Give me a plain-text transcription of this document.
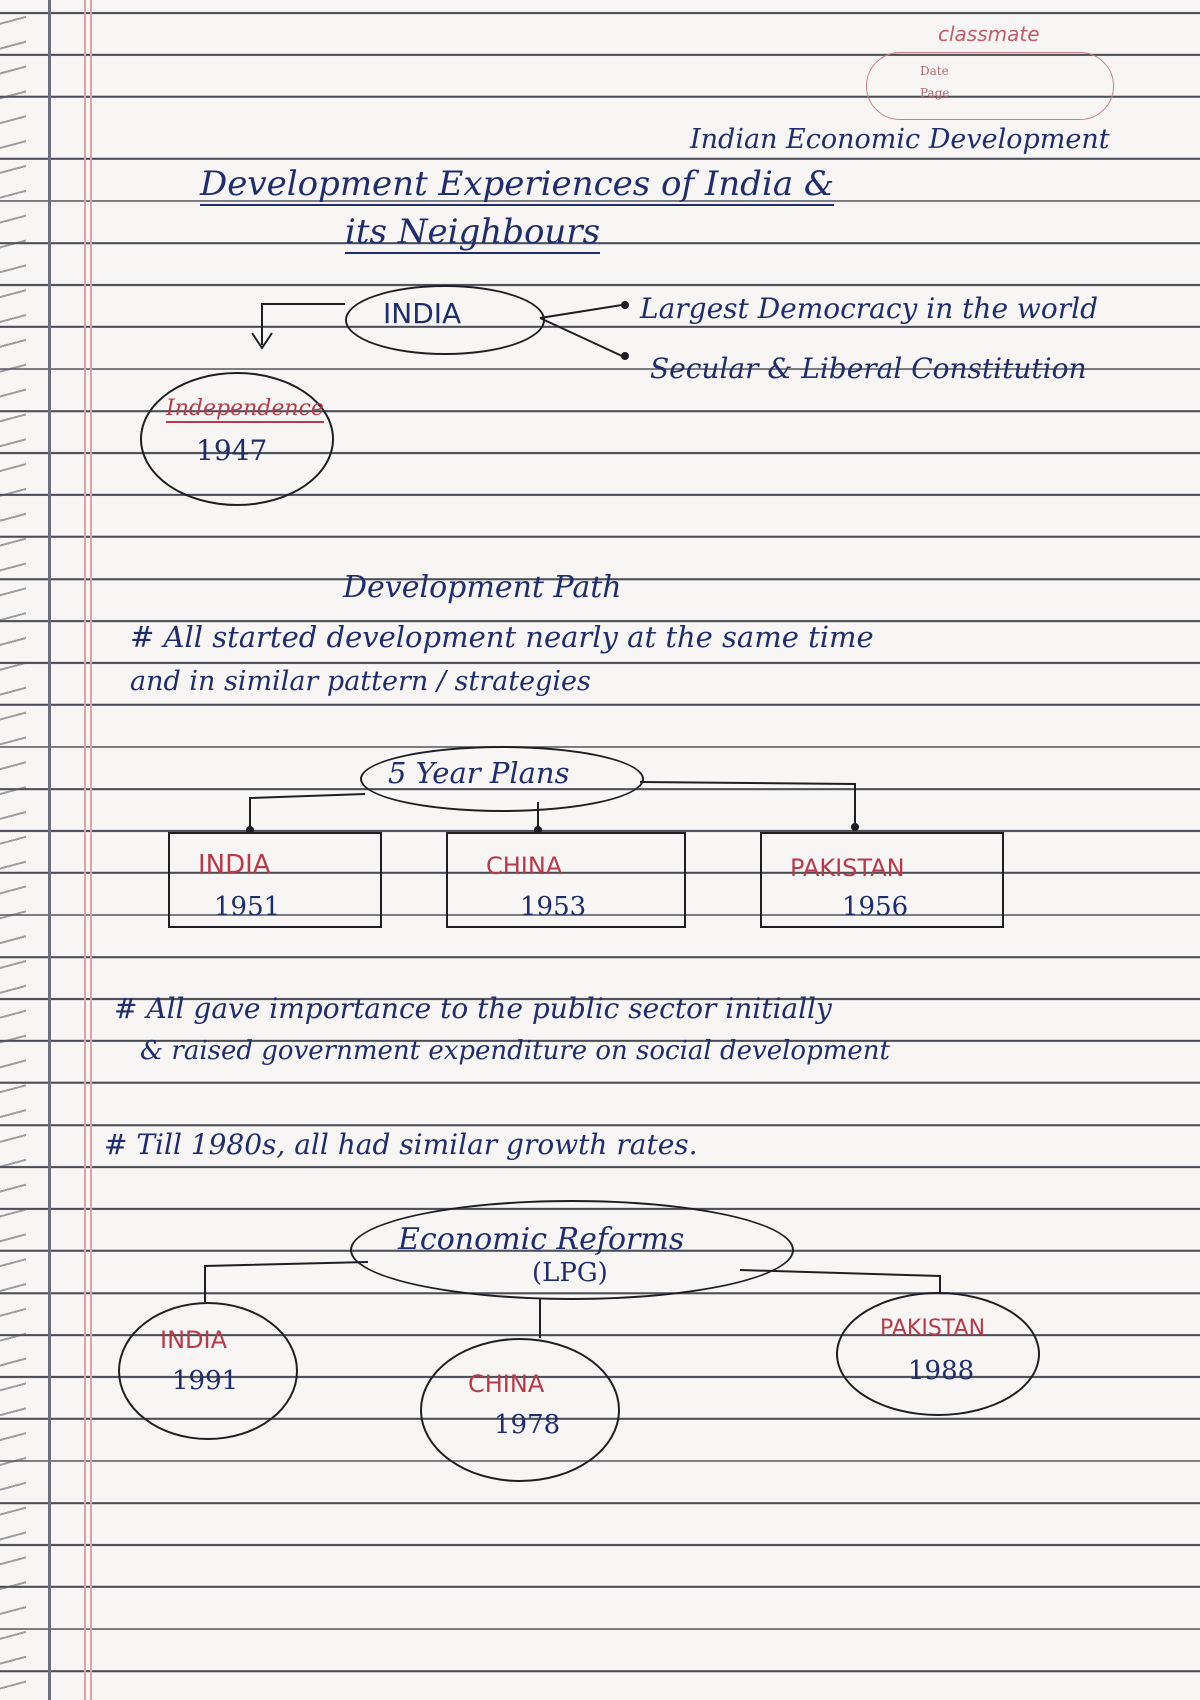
classmate
Date
Page
Indian Economic Development
Development Experiences of India &
its Neighbours
INDIA
Independence
1947
Largest Democracy in the world
Secular & Liberal Constitution
Development Path
# All started development nearly at the same time
and in similar pattern / strategies
5 Year Plans
INDIA
1951
CHINA
1953
PAKISTAN
1956
# All gave importance to the public sector initially
& raised government expenditure on social development
# Till 1980s, all had similar growth rates.
Economic Reforms
(LPG)
INDIA
1991	CHINA
1978
PAKISTAN
1988
